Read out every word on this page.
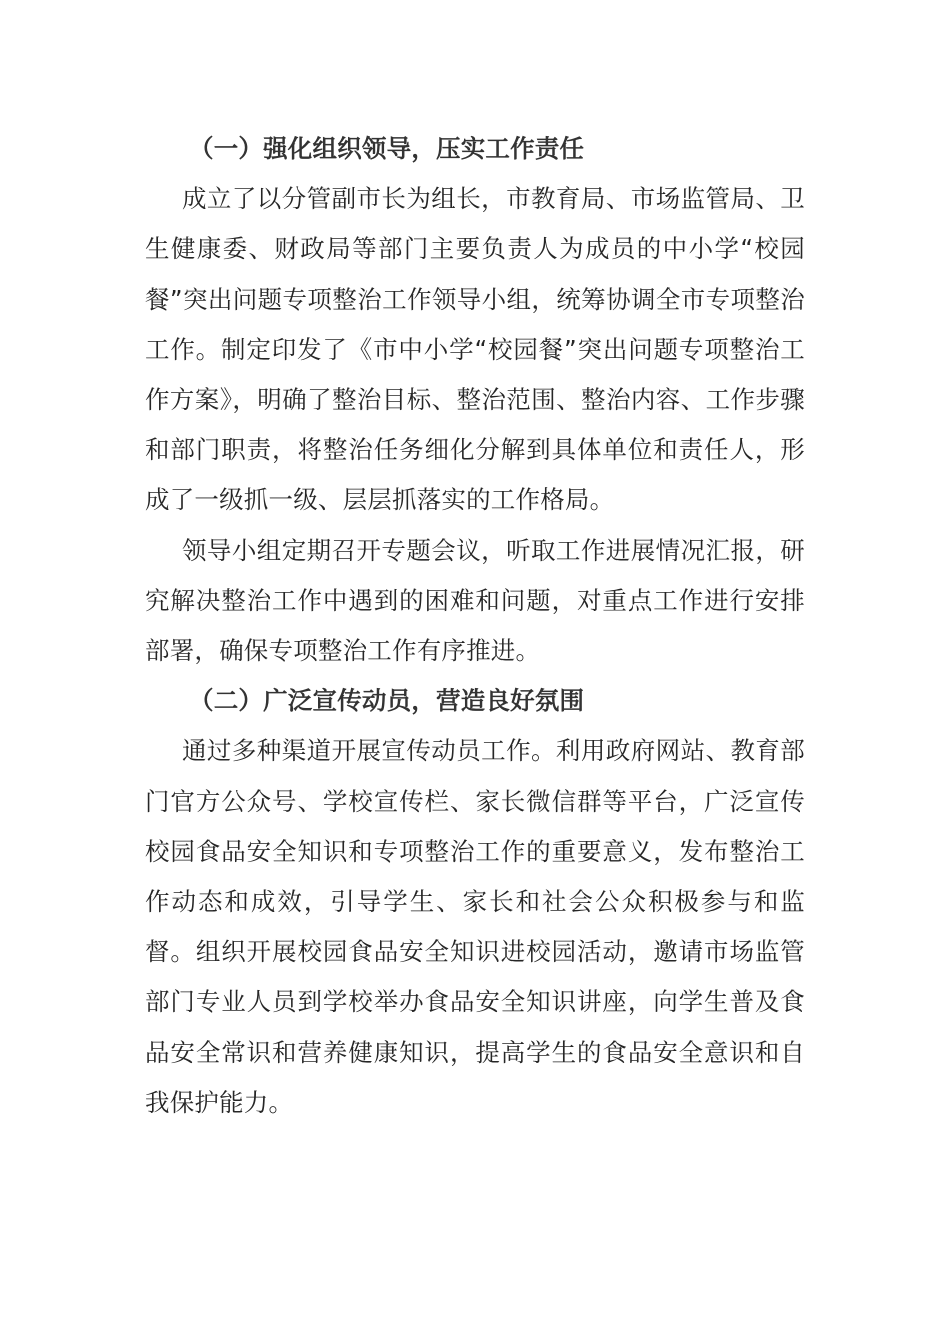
（一）强化组织领导，压实工作责任

成立了以分管副市长为组长，市教育局、市场监管局、卫生健康委、财政局等部门主要负责人为成员的中小学“校园餐”突出问题专项整治工作领导小组，统筹协调全市专项整治工作。制定印发了《市中小学“校园餐”突出问题专项整治工作方案》，明确了整治目标、整治范围、整治内容、工作步骤和部门职责，将整治任务细化分解到具体单位和责任人，形成了一级抓一级、层层抓落实的工作格局。

领导小组定期召开专题会议，听取工作进展情况汇报，研究解决整治工作中遇到的困难和问题，对重点工作进行安排部署，确保专项整治工作有序推进。

（二）广泛宣传动员，营造良好氛围

通过多种渠道开展宣传动员工作。利用政府网站、教育部门官方公众号、学校宣传栏、家长微信群等平台，广泛宣传校园食品安全知识和专项整治工作的重要意义，发布整治工作动态和成效，引导学生、家长和社会公众积极参与和监督。组织开展校园食品安全知识进校园活动，邀请市场监管部门专业人员到学校举办食品安全知识讲座，向学生普及食品安全常识和营养健康知识，提高学生的食品安全意识和自我保护能力。
